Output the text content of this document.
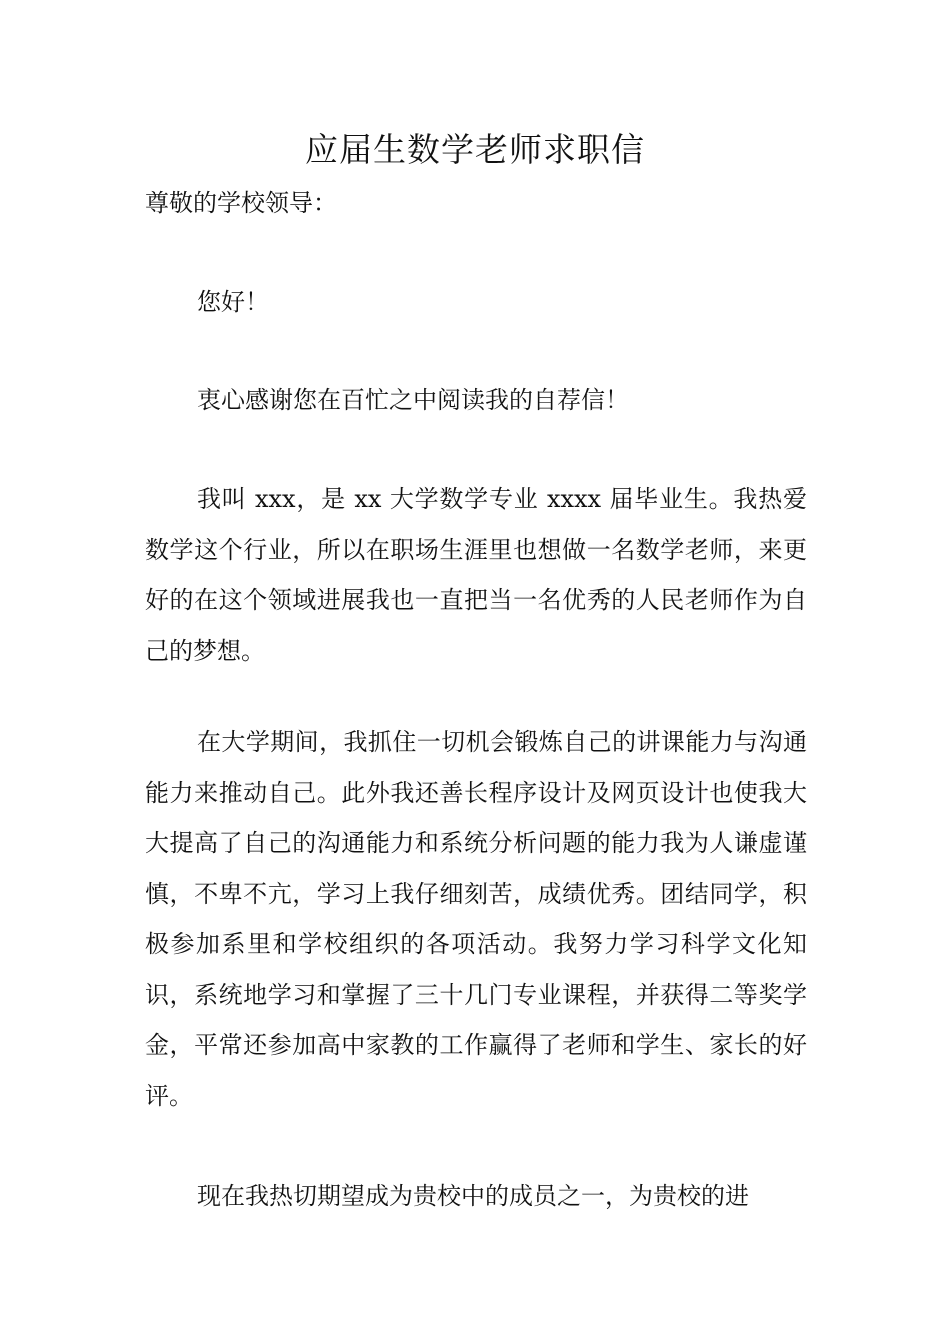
应届生数学老师求职信

尊敬的学校领导：

您好！

衷心感谢您在百忙之中阅读我的自荐信！

我叫 xxx，是 xx 大学数学专业 xxxx 届毕业生。我热爱数学这个行业，所以在职场生涯里也想做一名数学老师，来更好的在这个领域进展我也一直把当一名优秀的人民老师作为自己的梦想。

在大学期间，我抓住一切机会锻炼自己的讲课能力与沟通能力来推动自己。此外我还善长程序设计及网页设计也使我大大提高了自己的沟通能力和系统分析问题的能力我为人谦虚谨慎，不卑不亢，学习上我仔细刻苦，成绩优秀。团结同学，积极参加系里和学校组织的各项活动。我努力学习科学文化知识，系统地学习和掌握了三十几门专业课程，并获得二等奖学金，平常还参加高中家教的工作赢得了老师和学生、家长的好评。

现在我热切期望成为贵校中的成员之一，为贵校的进
